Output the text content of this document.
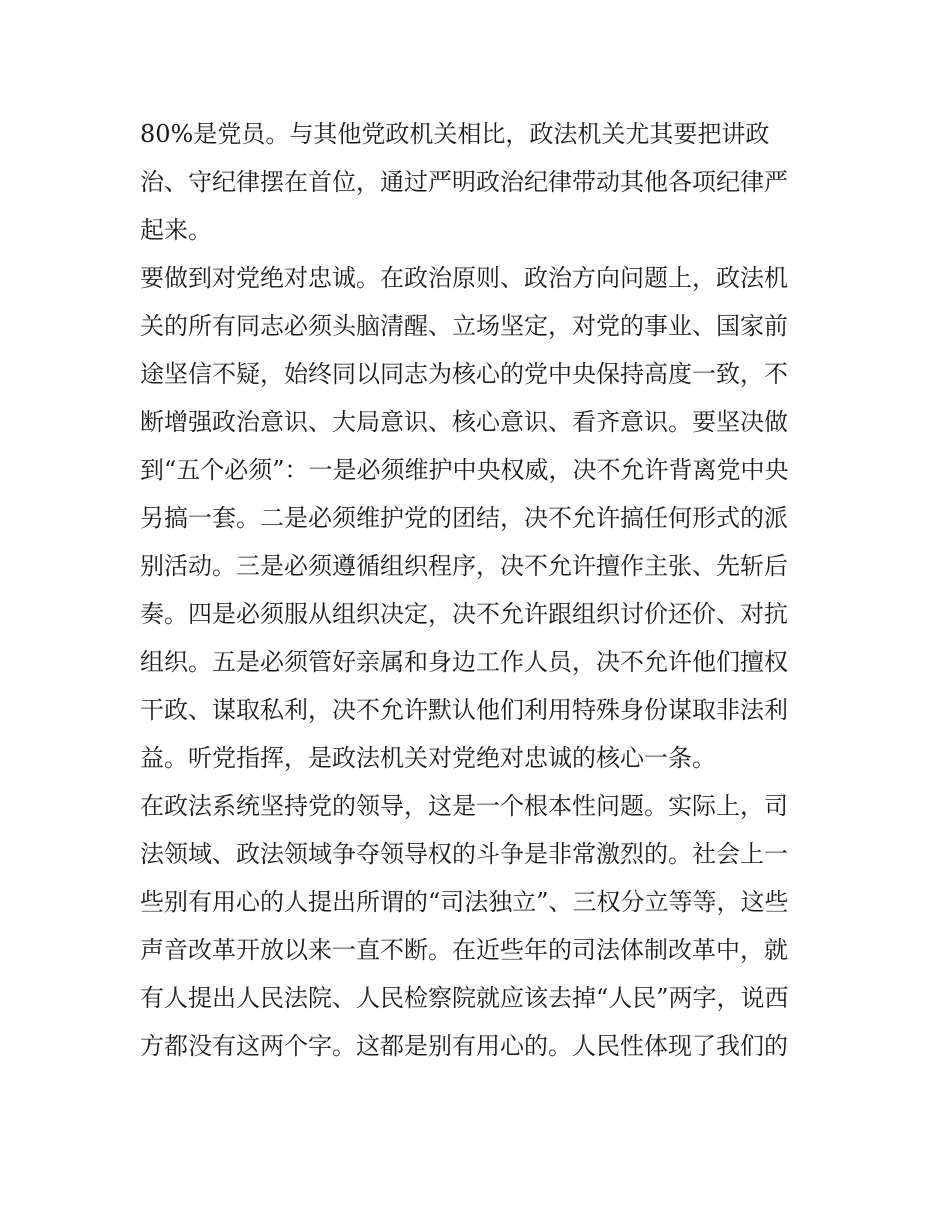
80%是党员。与其他党政机关相比，政法机关尤其要把讲政
治、守纪律摆在首位，通过严明政治纪律带动其他各项纪律严
起来。
要做到对党绝对忠诚。在政治原则、政治方向问题上，政法机
关的所有同志必须头脑清醒、立场坚定，对党的事业、国家前
途坚信不疑，始终同以同志为核心的党中央保持高度一致，不
断增强政治意识、大局意识、核心意识、看齐意识。要坚决做
到“五个必须”：一是必须维护中央权威，决不允许背离党中央
另搞一套。二是必须维护党的团结，决不允许搞任何形式的派
别活动。三是必须遵循组织程序，决不允许擅作主张、先斩后
奏。四是必须服从组织决定，决不允许跟组织讨价还价、对抗
组织。五是必须管好亲属和身边工作人员，决不允许他们擅权
干政、谋取私利，决不允许默认他们利用特殊身份谋取非法利
益。听党指挥，是政法机关对党绝对忠诚的核心一条。
在政法系统坚持党的领导，这是一个根本性问题。实际上，司
法领域、政法领域争夺领导权的斗争是非常激烈的。社会上一
些别有用心的人提出所谓的“司法独立”、三权分立等等，这些
声音改革开放以来一直不断。在近些年的司法体制改革中，就
有人提出人民法院、人民检察院就应该去掉“人民”两字，说西
方都没有这两个字。这都是别有用心的。人民性体现了我们的
